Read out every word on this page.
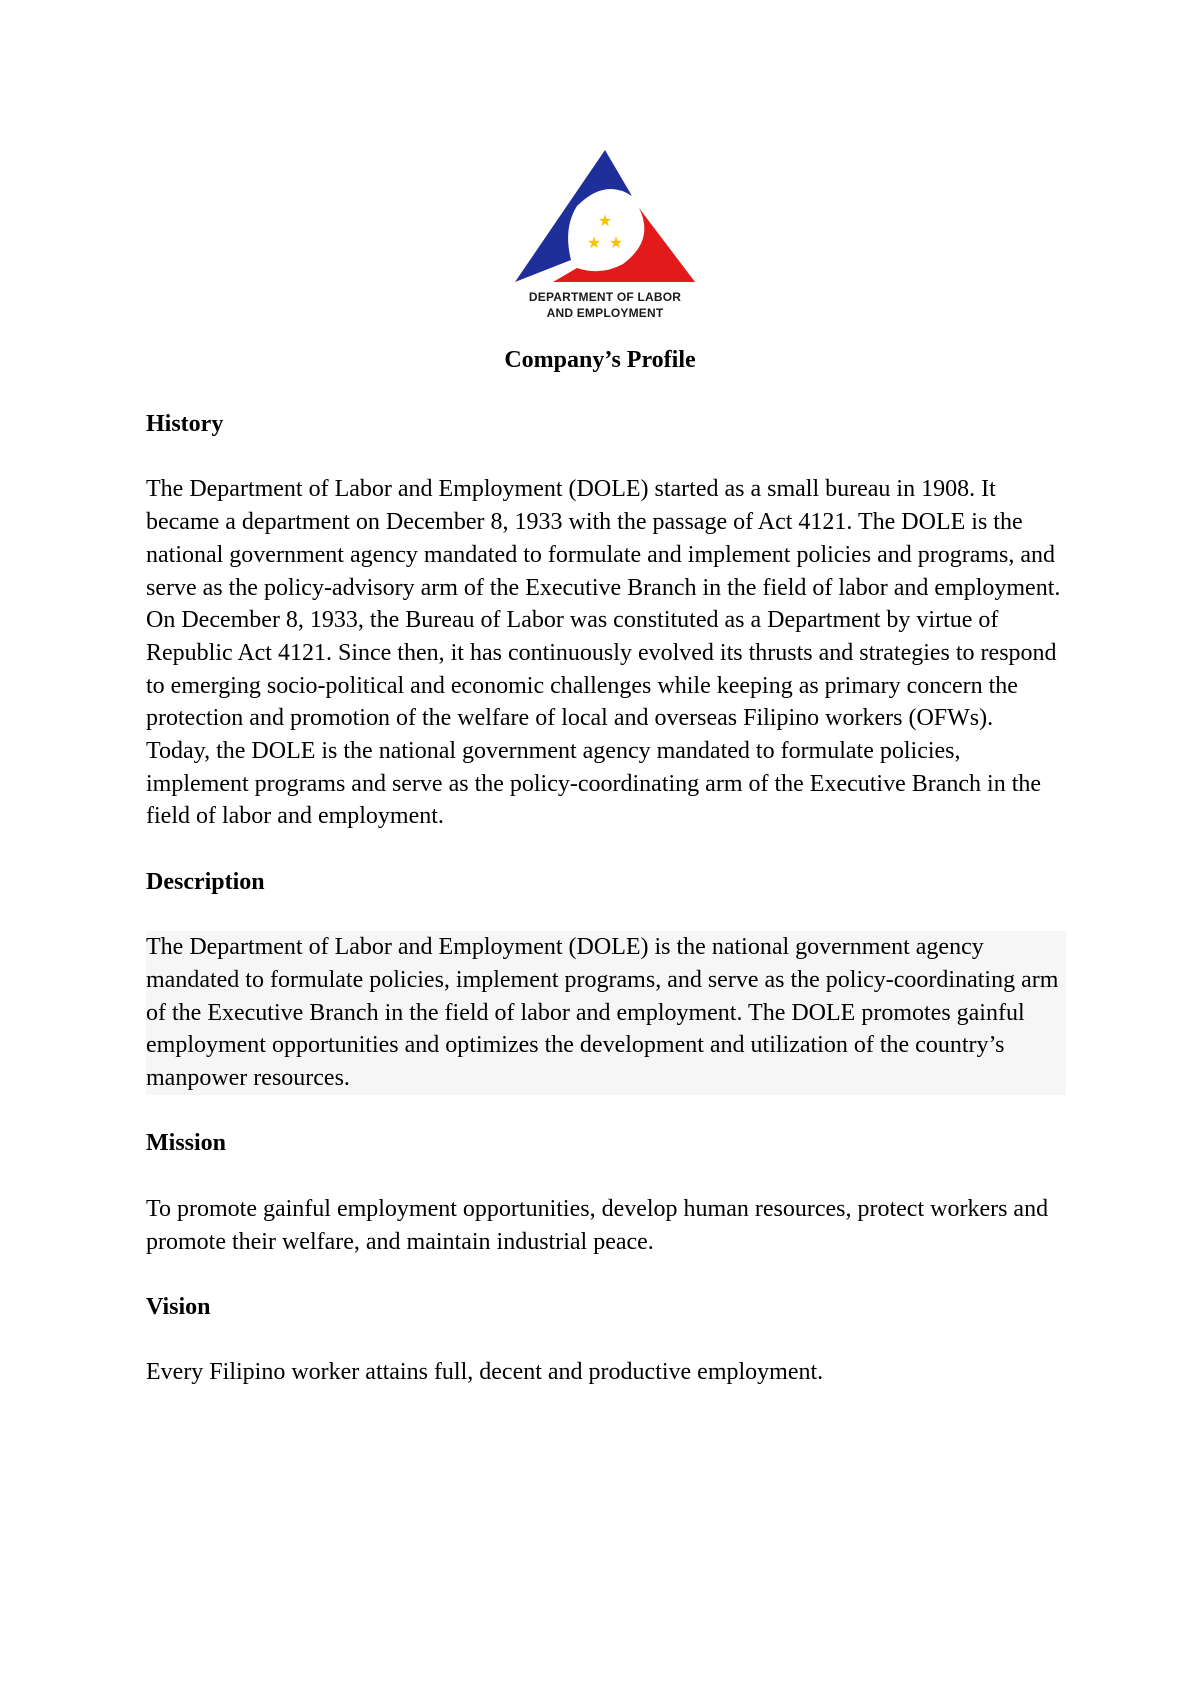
★
★ ★
DEPARTMENT OF LABOR
AND EMPLOYMENT
Company’s Profile

History

The Department of Labor and Employment (DOLE) started as a small bureau in 1908. It became a department on December 8, 1933 with the passage of Act 4121. The DOLE is the national government agency mandated to formulate and implement policies and programs, and serve as the policy-advisory arm of the Executive Branch in the field of labor and employment.

On December 8, 1933, the Bureau of Labor was constituted as a Department by virtue of Republic Act 4121. Since then, it has continuously evolved its thrusts and strategies to respond to emerging socio-political and economic challenges while keeping as primary concern the protection and promotion of the welfare of local and overseas Filipino workers (OFWs).

Today, the DOLE is the national government agency mandated to formulate policies, implement programs and serve as the policy-coordinating arm of the Executive Branch in the field of labor and employment.

Description

The Department of Labor and Employment (DOLE) is the national government agency mandated to formulate policies, implement programs, and serve as the policy-coordinating arm of the Executive Branch in the field of labor and employment. The DOLE promotes gainful employment opportunities and optimizes the development and utilization of the country’s manpower resources.

Mission

To promote gainful employment opportunities, develop human resources, protect workers and promote their welfare, and maintain industrial peace.

Vision

Every Filipino worker attains full, decent and productive employment.
